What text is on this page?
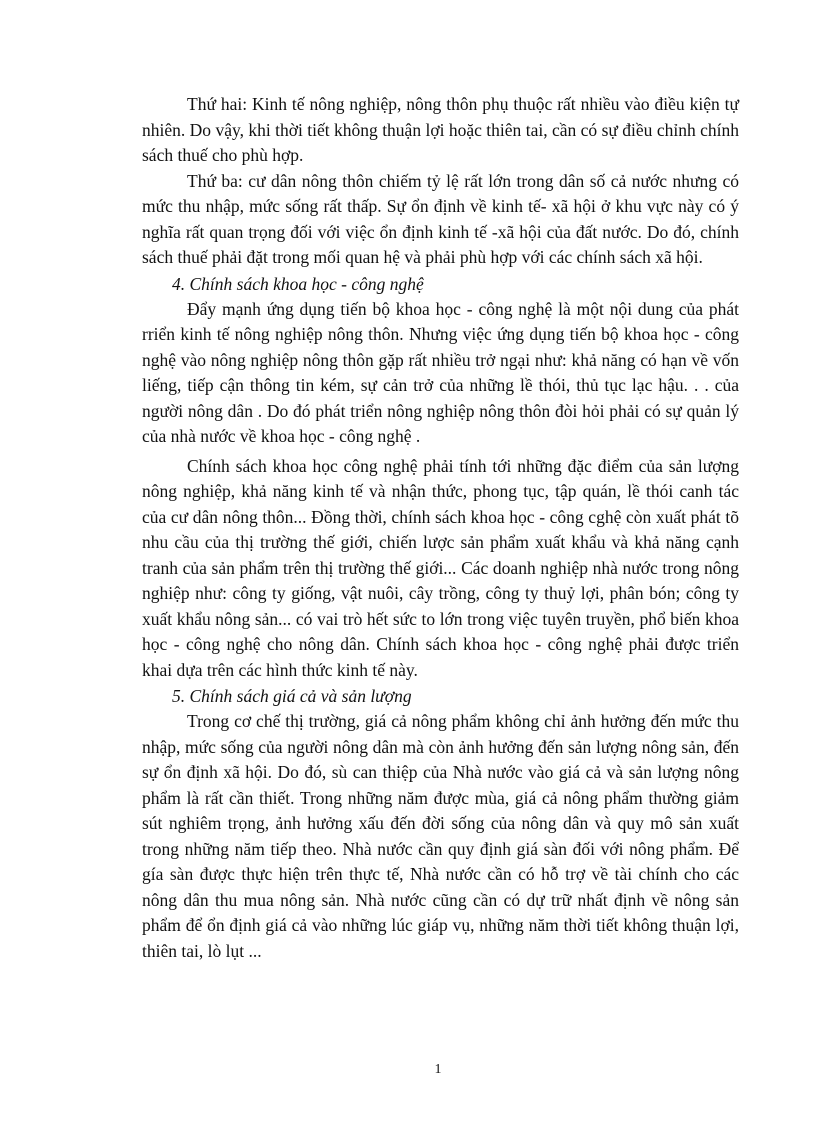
Thứ hai: Kinh tế nông nghiệp, nông thôn phụ thuộc rất nhiều vào điều kiện tự nhiên. Do vậy, khi thời tiết không thuận lợi hoặc thiên tai, cần có sự điều chỉnh chính sách thuế cho phù hợp.

Thứ ba: cư dân nông thôn chiếm tỷ lệ rất lớn trong dân số cả nước nhưng có mức thu nhập, mức sống rất thấp. Sự ổn định về kinh tế- xã hội ở khu vực này có ý nghĩa rất quan trọng đối với việc ổn định kinh tế -xã hội của đất nước. Do đó, chính sách thuế phải đặt trong mối quan hệ và phải phù hợp với các chính sách xã hội.

4. Chính sách khoa học - công nghệ

Đẩy mạnh ứng dụng tiến bộ khoa học - công nghệ là một nội dung của phát rriển kinh tế nông nghiệp nông thôn. Nhưng việc ứng dụng tiến bộ khoa học - công nghệ vào nông nghiệp nông thôn gặp rất nhiều trở ngại như: khả năng có hạn về vốn liếng, tiếp cận thông tin kém, sự cản trở của những lề thói, thủ tục lạc hậu. . . của người nông dân . Do đó phát triển nông nghiệp nông thôn đòi hỏi phải có sự quản lý của nhà nước về khoa học - công nghệ .

Chính sách khoa học công nghệ phải tính tới những đặc điểm của sản lượng nông nghiệp, khả năng kinh tế và nhận thức, phong tục, tập quán, lề thói canh tác của cư dân nông thôn... Đồng thời, chính sách khoa học - công cghệ còn xuất phát tõ nhu cầu của thị trường thế giới, chiến lược sản phẩm xuất khẩu và khả năng cạnh tranh của sản phẩm trên thị trường thế giới... Các doanh nghiệp nhà nước trong nông nghiệp như: công ty giống, vật nuôi, cây trồng, công ty thuỷ lợi, phân bón; công ty xuất khẩu nông sản... có vai trò hết sức to lớn trong việc tuyên truyền, phổ biến khoa học - công nghệ cho nông dân. Chính sách khoa học - công nghệ phải được triển khai dựa trên các hình thức kinh tế này.

5. Chính sách giá cả và sản lượng

Trong cơ chế thị trường, giá cả nông phẩm không chỉ ảnh hưởng đến mức thu nhập, mức sống của người nông dân mà còn ảnh hưởng đến sản lượng nông sản, đến sự ổn định xã hội. Do đó, sù can thiệp của Nhà nước vào giá cả và sản lượng nông phẩm là rất cần thiết. Trong những năm được mùa, giá cả nông phẩm thường giảm sút nghiêm trọng, ảnh hưởng xấu đến đời sống của nông dân và quy mô sản xuất trong những năm tiếp theo. Nhà nước cần quy định giá sàn đối với nông phẩm. Để gía sàn được thực hiện trên thực tế, Nhà nước cần có hỗ trợ về tài chính cho các nông dân thu mua nông sản. Nhà nước cũng cần có dự trữ nhất định về nông sản phẩm để ổn định giá cả vào những lúc giáp vụ, những năm thời tiết không thuận lợi, thiên tai, lò lụt ...

1
